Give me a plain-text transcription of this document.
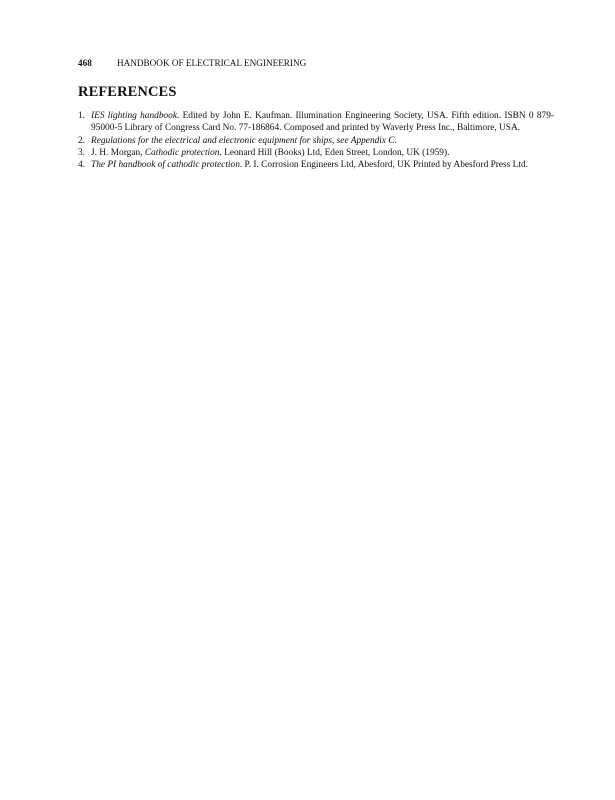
468	HANDBOOK OF ELECTRICAL ENGINEERING
REFERENCES
1. IES lighting handbook. Edited by John E. Kaufman. Illumination Engineering Society, USA. Fifth edition. ISBN 0 879-95000-5 Library of Congress Card No. 77-186864. Composed and printed by Waverly Press Inc., Baltimore, USA.
2. Regulations for the electrical and electronic equipment for ships, see Appendix C.
3. J. H. Morgan, Cathodic protection. Leonard Hill (Books) Ltd, Eden Street, London, UK (1959).
4. The PI handbook of cathodic protection. P. I. Corrosion Engineers Ltd, Abesford, UK Printed by Abesford Press Ltd.
